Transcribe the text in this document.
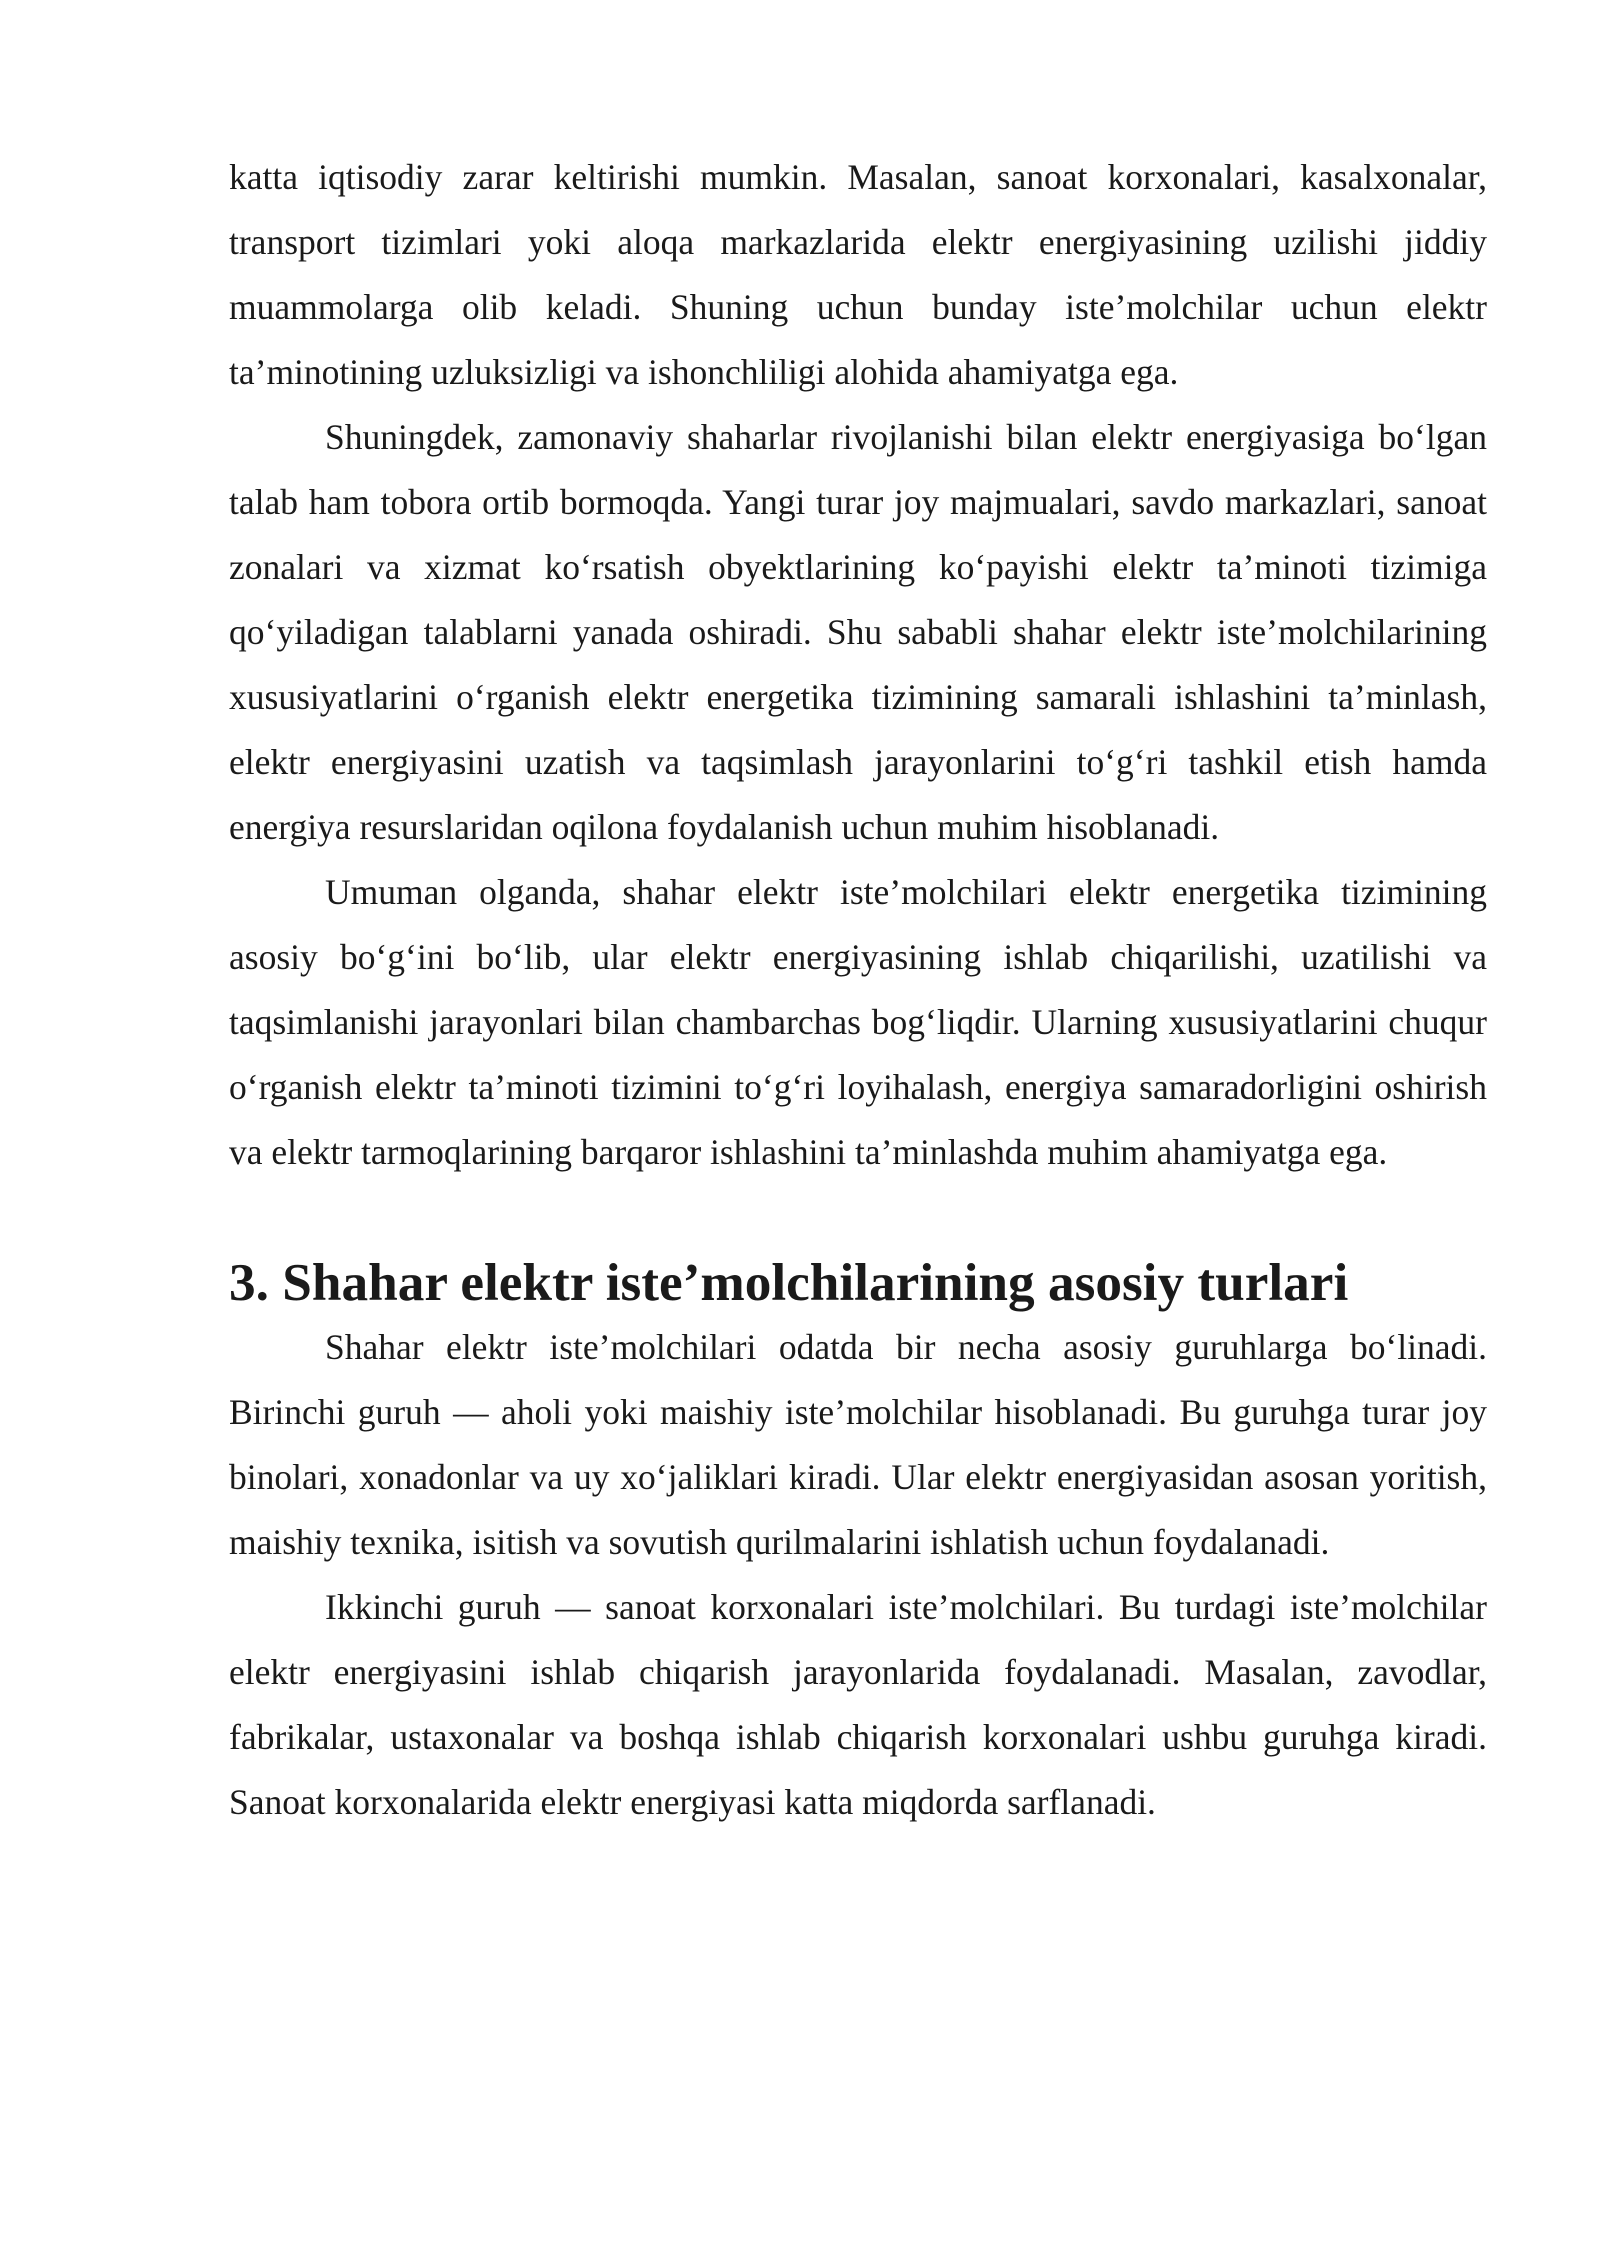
katta iqtisodiy zarar keltirishi mumkin. Masalan, sanoat korxonalari, kasalxonalar, transport tizimlari yoki aloqa markazlarida elektr energiyasining uzilishi jiddiy muammolarga olib keladi. Shuning uchun bunday iste’molchilar uchun elektr ta’minotining uzluksizligi va ishonchliligi alohida ahamiyatga ega.

Shuningdek, zamonaviy shaharlar rivojlanishi bilan elektr energiyasiga bo‘lgan talab ham tobora ortib bormoqda. Yangi turar joy majmualari, savdo markazlari, sanoat zonalari va xizmat ko‘rsatish obyektlarining ko‘payishi elektr ta’minoti tizimiga qo‘yiladigan talablarni yanada oshiradi. Shu sababli shahar elektr iste’molchilarining xususiyatlarini o‘rganish elektr energetika tizimining samarali ishlashini ta’minlash, elektr energiyasini uzatish va taqsimlash jarayonlarini to‘g‘ri tashkil etish hamda energiya resurslaridan oqilona foydalanish uchun muhim hisoblanadi.

Umuman olganda, shahar elektr iste’molchilari elektr energetika tizimining asosiy bo‘g‘ini bo‘lib, ular elektr energiyasining ishlab chiqarilishi, uzatilishi va taqsimlanishi jarayonlari bilan chambarchas bog‘liqdir. Ularning xususiyatlarini chuqur o‘rganish elektr ta’minoti tizimini to‘g‘ri loyihalash, energiya samaradorligini oshirish va elektr tarmoqlarining barqaror ishlashini ta’minlashda muhim ahamiyatga ega.

3. Shahar elektr iste’molchilarining asosiy turlari

Shahar elektr iste’molchilari odatda bir necha asosiy guruhlarga bo‘linadi. Birinchi guruh — aholi yoki maishiy iste’molchilar hisoblanadi. Bu guruhga turar joy binolari, xonadonlar va uy xo‘jaliklari kiradi. Ular elektr energiyasidan asosan yoritish, maishiy texnika, isitish va sovutish qurilmalarini ishlatish uchun foydalanadi.

Ikkinchi guruh — sanoat korxonalari iste’molchilari. Bu turdagi iste’molchilar elektr energiyasini ishlab chiqarish jarayonlarida foydalanadi. Masalan, zavodlar, fabrikalar, ustaxonalar va boshqa ishlab chiqarish korxonalari ushbu guruhga kiradi. Sanoat korxonalarida elektr energiyasi katta miqdorda sarflanadi.
